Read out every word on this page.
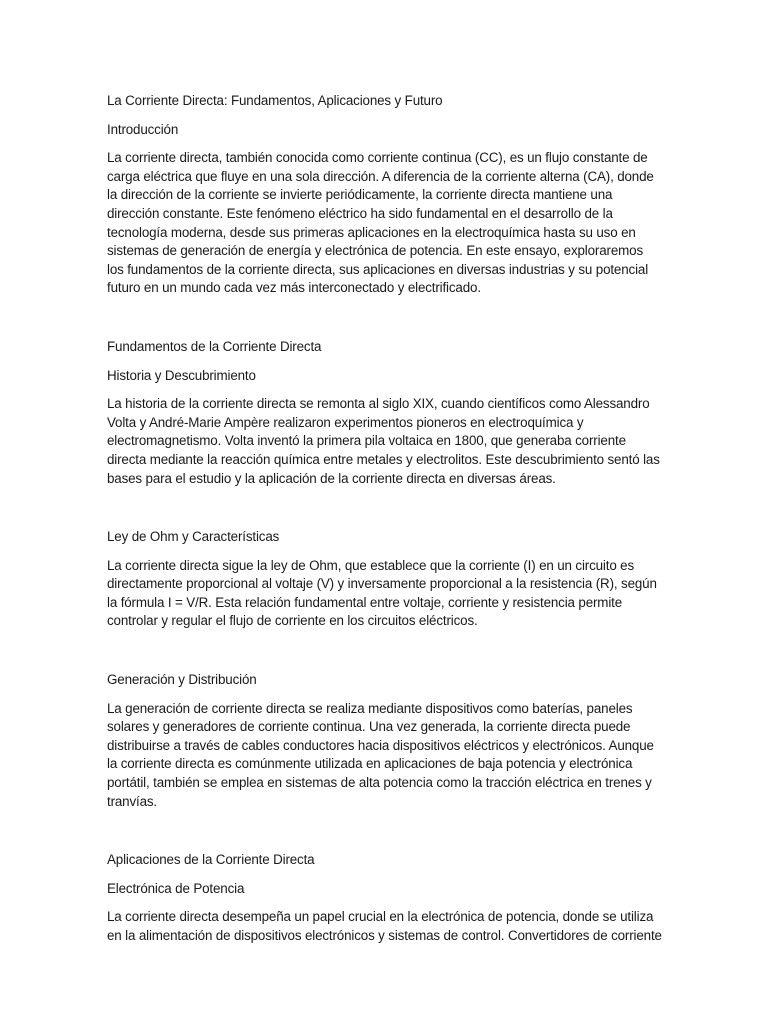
La Corriente Directa: Fundamentos, Aplicaciones y Futuro

Introducción

La corriente directa, también conocida como corriente continua (CC), es un flujo constante de carga eléctrica que fluye en una sola dirección. A diferencia de la corriente alterna (CA), donde la dirección de la corriente se invierte periódicamente, la corriente directa mantiene una dirección constante. Este fenómeno eléctrico ha sido fundamental en el desarrollo de la tecnología moderna, desde sus primeras aplicaciones en la electroquímica hasta su uso en sistemas de generación de energía y electrónica de potencia. En este ensayo, exploraremos los fundamentos de la corriente directa, sus aplicaciones en diversas industrias y su potencial futuro en un mundo cada vez más interconectado y electrificado.

Fundamentos de la Corriente Directa

Historia y Descubrimiento

La historia de la corriente directa se remonta al siglo XIX, cuando científicos como Alessandro Volta y André-Marie Ampère realizaron experimentos pioneros en electroquímica y electromagnetismo. Volta inventó la primera pila voltaica en 1800, que generaba corriente directa mediante la reacción química entre metales y electrolitos. Este descubrimiento sentó las bases para el estudio y la aplicación de la corriente directa en diversas áreas.

Ley de Ohm y Características

La corriente directa sigue la ley de Ohm, que establece que la corriente (I) en un circuito es directamente proporcional al voltaje (V) y inversamente proporcional a la resistencia (R), según la fórmula I = V/R. Esta relación fundamental entre voltaje, corriente y resistencia permite controlar y regular el flujo de corriente en los circuitos eléctricos.

Generación y Distribución

La generación de corriente directa se realiza mediante dispositivos como baterías, paneles solares y generadores de corriente continua. Una vez generada, la corriente directa puede distribuirse a través de cables conductores hacia dispositivos eléctricos y electrónicos. Aunque la corriente directa es comúnmente utilizada en aplicaciones de baja potencia y electrónica portátil, también se emplea en sistemas de alta potencia como la tracción eléctrica en trenes y tranvías.

Aplicaciones de la Corriente Directa

Electrónica de Potencia

La corriente directa desempeña un papel crucial en la electrónica de potencia, donde se utiliza en la alimentación de dispositivos electrónicos y sistemas de control. Convertidores de corriente
